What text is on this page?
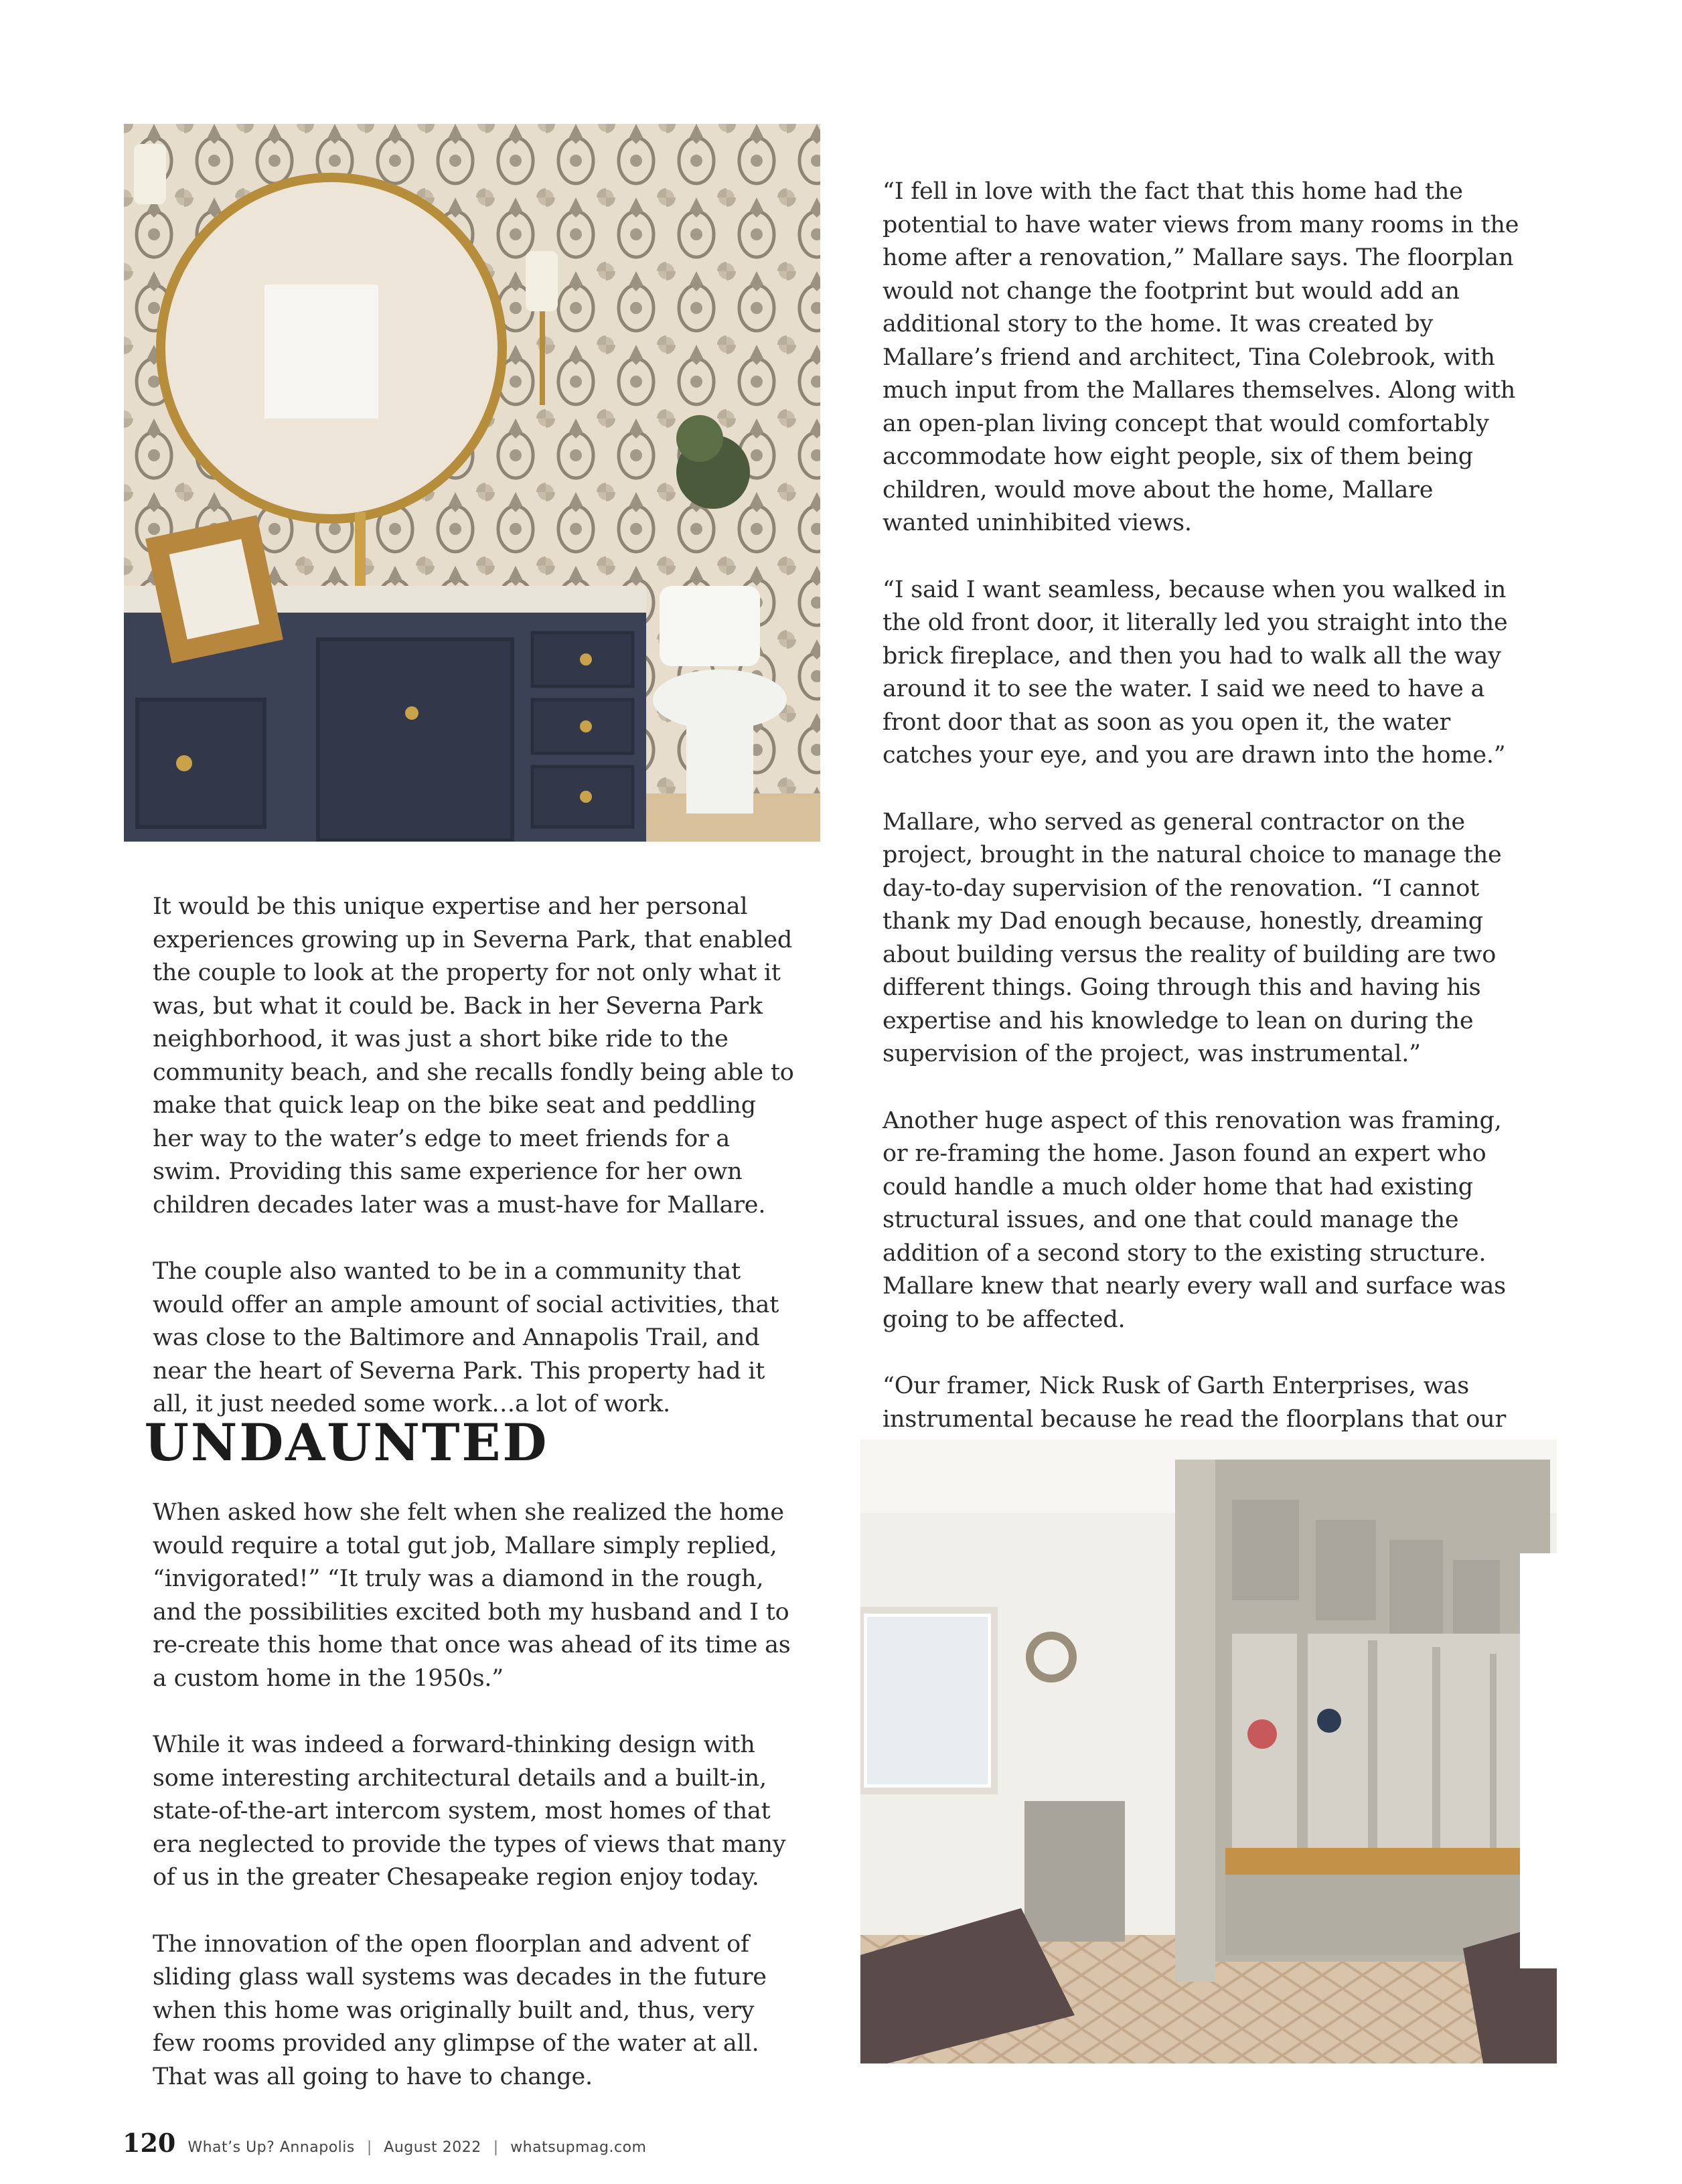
“I fell in love with the fact that this home had the potential to have water views from many rooms in the home after a renovation,” Mallare says. The floorplan would not change the footprint but would add an additional story to the home. It was created by Mallare’s friend and architect, Tina Colebrook, with much input from the Mallares themselves. Along with an open-plan living concept that would comfortably accommodate how eight people, six of them being children, would move about the home, Mallare wanted uninhibited views.

“I said I want seamless, because when you walked in the old front door, it literally led you straight into the brick fireplace, and then you had to walk all the way around it to see the water. I said we need to have a front door that as soon as you open it, the water catches your eye, and you are drawn into the home.”

Mallare, who served as general contractor on the project, brought in the natural choice to manage the day-to-day supervision of the renovation. “I cannot thank my Dad enough because, honestly, dreaming about building versus the reality of building are two different things. Going through this and having his expertise and his knowledge to lean on during the supervision of the project, was instrumental.”

Another huge aspect of this renovation was framing, or re-framing the home. Jason found an expert who could handle a much older home that had existing structural issues, and one that could manage the addition of a second story to the existing structure. Mallare knew that nearly every wall and surface was going to be affected.

“Our framer, Nick Rusk of Garth Enterprises, was instrumental because he read the floorplans that our

It would be this unique expertise and her personal experiences growing up in Severna Park, that enabled the couple to look at the property for not only what it was, but what it could be. Back in her Severna Park neighborhood, it was just a short bike ride to the community beach, and she recalls fondly being able to make that quick leap on the bike seat and peddling her way to the water’s edge to meet friends for a swim. Providing this same experience for her own children decades later was a must-have for Mallare.

The couple also wanted to be in a community that would offer an ample amount of social activities, that was close to the Baltimore and Annapolis Trail, and near the heart of Severna Park. This property had it all, it just needed some work…a lot of work.

UNDAUNTED

When asked how she felt when she realized the home would require a total gut job, Mallare simply replied, “invigorated!” “It truly was a diamond in the rough, and the possibilities excited both my husband and I to re-create this home that once was ahead of its time as a custom home in the 1950s.”

While it was indeed a forward-thinking design with some interesting architectural details and a built-in, state-of-the-art intercom system, most homes of that era neglected to provide the types of views that many of us in the greater Chesapeake region enjoy today.

The innovation of the open floorplan and advent of sliding glass wall systems was decades in the future when this home was originally built and, thus, very few rooms provided any glimpse of the water at all. That was all going to have to change.

120 What’s Up? Annapolis | August 2022 | whatsupmag.com
